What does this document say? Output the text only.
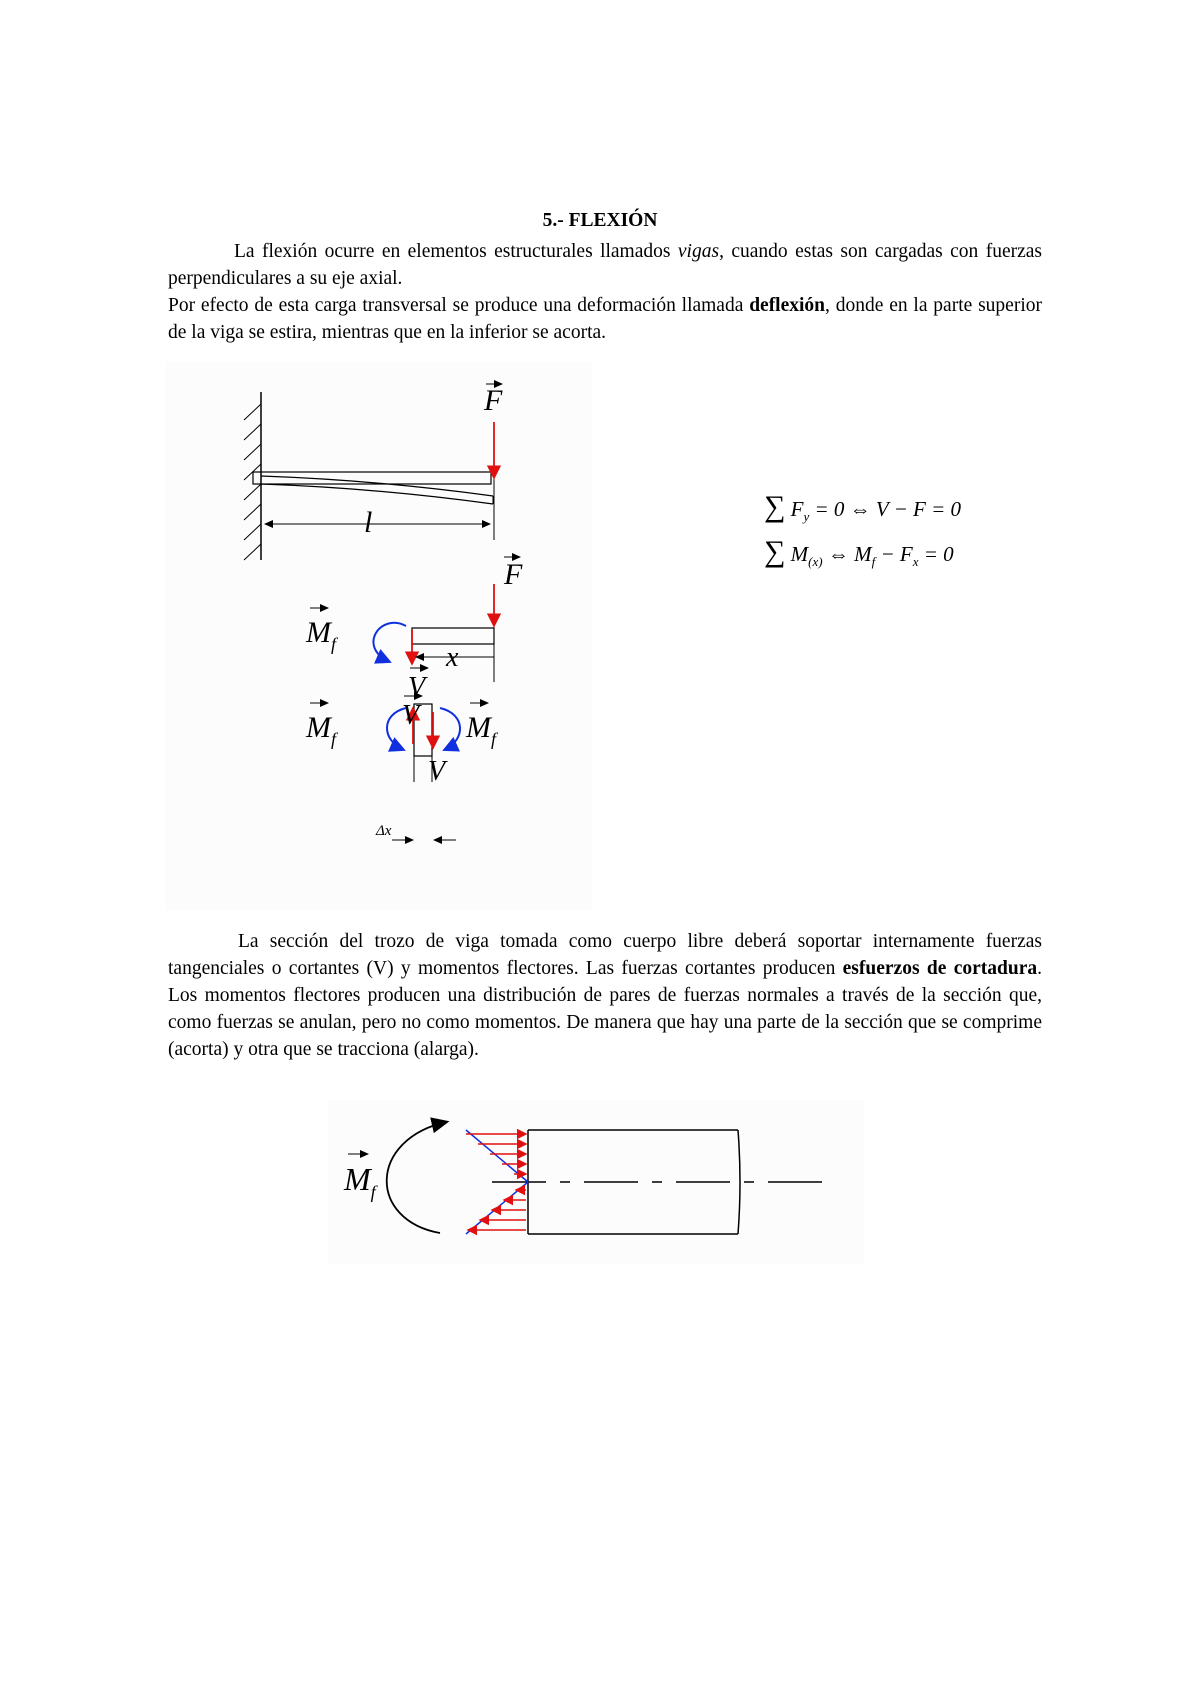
5.- FLEXIÓN
La flexión ocurre en elementos estructurales llamados vigas, cuando estas son cargadas con fuerzas perpendiculares a su eje axial.
Por efecto de esta carga transversal se produce una deformación llamada deflexión, donde en la parte superior de la viga se estira, mientras que en la inferior se acorta.
F
l
F
$M_f$	x
V
V
V
$M_f$	$M_f$
Δx
∑ $F_y = 0$ ⇔ V − F = 0
∑ $M_{(x)}$ ⇔ $M_f - F_x = 0$
La sección del trozo de viga tomada como cuerpo libre deberá soportar internamente fuerzas tangenciales o cortantes (V) y momentos flectores. Las fuerzas cortantes producen esfuerzos de cortadura. Los momentos flectores producen una distribución de pares de fuerzas normales a través de la sección que, como fuerzas se anulan, pero no como momentos. De manera que hay una parte de la sección que se comprime (acorta) y otra que se tracciona (alarga).
$M_f$
